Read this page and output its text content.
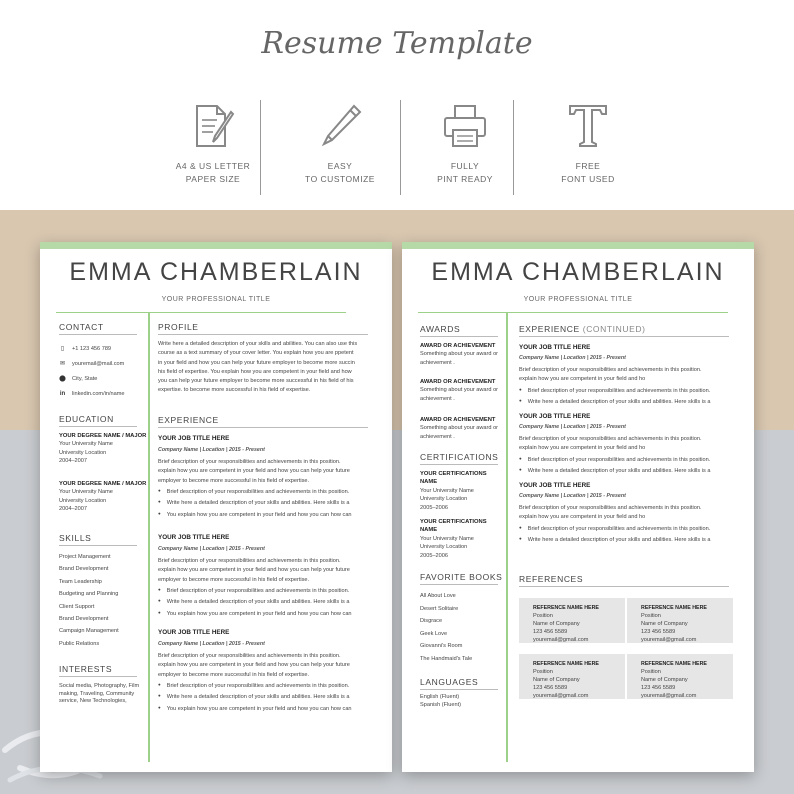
Resume Template
A4 & US LETTER
PAPER SIZE
EASY
TO CUSTOMIZE
FULLY
PINT READY
FREE
FONT USED
EMMA CHAMBERLAIN
YOUR PROFESSIONAL TITLE
CONTACT
▯ +1 123 456 789
✉ youremail@mail.com
⬤ City, State
in linkedin.com/in/name
EDUCATION
YOUR DEGREE NAME / MAJOR
Your University Name
University Location
2004–2007
YOUR DEGREE NAME / MAJOR
Your University Name
University Location
2004–2007
SKILLS
Project Management
Brand Development
Team Leadership
Budgeting and Planning
Client Support
Brand Development
Campaign Management
Public Relations
INTERESTS
Social media, Photography, Film
making, Traveling, Community
service, New Technologies,
PROFILE
Write here a detailed description of your skills and abilities. You can also use this
course as a text summary of your cover letter. You explain how you are ppetent
in your field and how you can help your future employer to become more succin
his field of expertise. You explain how you are competent in your field and how
you can help your future employer to become more successful in his field of his
expertise. to become more successful in his field of expertise.
EXPERIENCE
YOUR JOB TITLE HERE
Company Name | Location | 2015 - Present
Brief description of your responsibilities and achievements in this position.
explain how you are competent in your field and how you can help your future
employer to become more successful in his field of expertise.
● Brief description of your responsibilities and achievements in this position.
● Write here a detailed description of your skills and abilities. Here skills is a
● You explain how you are competent in your field and how you can how can
YOUR JOB TITLE HERE
Company Name | Location | 2015 - Present
Brief description of your responsibilities and achievements in this position.
explain how you are competent in your field and how you can help your future
employer to become more successful in his field of expertise.
● Brief description of your responsibilities and achievements in this position.
● Write here a detailed description of your skills and abilities. Here skills is a
● You explain how you are competent in your field and how you can how can
YOUR JOB TITLE HERE
Company Name | Location | 2015 - Present
Brief description of your responsibilities and achievements in this position.
explain how you are competent in your field and how you can help your future
employer to become more successful in his field of expertise.
● Brief description of your responsibilities and achievements in this position.
● Write here a detailed description of your skills and abilities. Here skills is a
● You explain how you are competent in your field and how you can how can
EMMA CHAMBERLAIN
YOUR PROFESSIONAL TITLE
AWARDS
AWARD OR ACHIEVEMENT
Something about your award or
achievement .
AWARD OR ACHIEVEMENT
Something about your award or
achievement .
AWARD OR ACHIEVEMENT
Something about your award or
achievement .
CERTIFICATIONS
YOUR CERTIFICATIONS NAME
Your University Name
University Location
2005–2006
YOUR CERTIFICATIONS NAME
Your University Name
University Location
2005–2006
FAVORITE BOOKS
All About Love
Desert Solitaire
Disgrace
Geek Love
Giovanni's Room
The Handmaid's Tale
LANGUAGES
English (Fluent)
Spanish (Fluent)
EXPERIENCE (CONTINUED)
YOUR JOB TITLE HERE
Company Name | Location | 2015 - Present
Brief description of your responsibilities and achievements in this position.
explain how you are competent in your field and ho
● Brief description of your responsibilities and achievements in this position.
● Write here a detailed description of your skills and abilities. Here skills is a
YOUR JOB TITLE HERE
Company Name | Location | 2015 - Present
Brief description of your responsibilities and achievements in this position.
explain how you are competent in your field and ho
● Brief description of your responsibilities and achievements in this position.
● Write here a detailed description of your skills and abilities. Here skills is a
YOUR JOB TITLE HERE
Company Name | Location | 2015 - Present
Brief description of your responsibilities and achievements in this position.
explain how you are competent in your field and ho
● Brief description of your responsibilities and achievements in this position.
● Write here a detailed description of your skills and abilities. Here skills is a
REFERENCES
REFERENCE NAME HERE
Position
Name of Company
123 456 5589
youremail@gmail.com
REFERENCE NAME HERE
Position
Name of Company
123 456 5589
youremail@gmail.com
REFERENCE NAME HERE
Position
Name of Company
123 456 5589
youremail@gmail.com
REFERENCE NAME HERE
Position
Name of Company
123 456 5589
youremail@gmail.com
